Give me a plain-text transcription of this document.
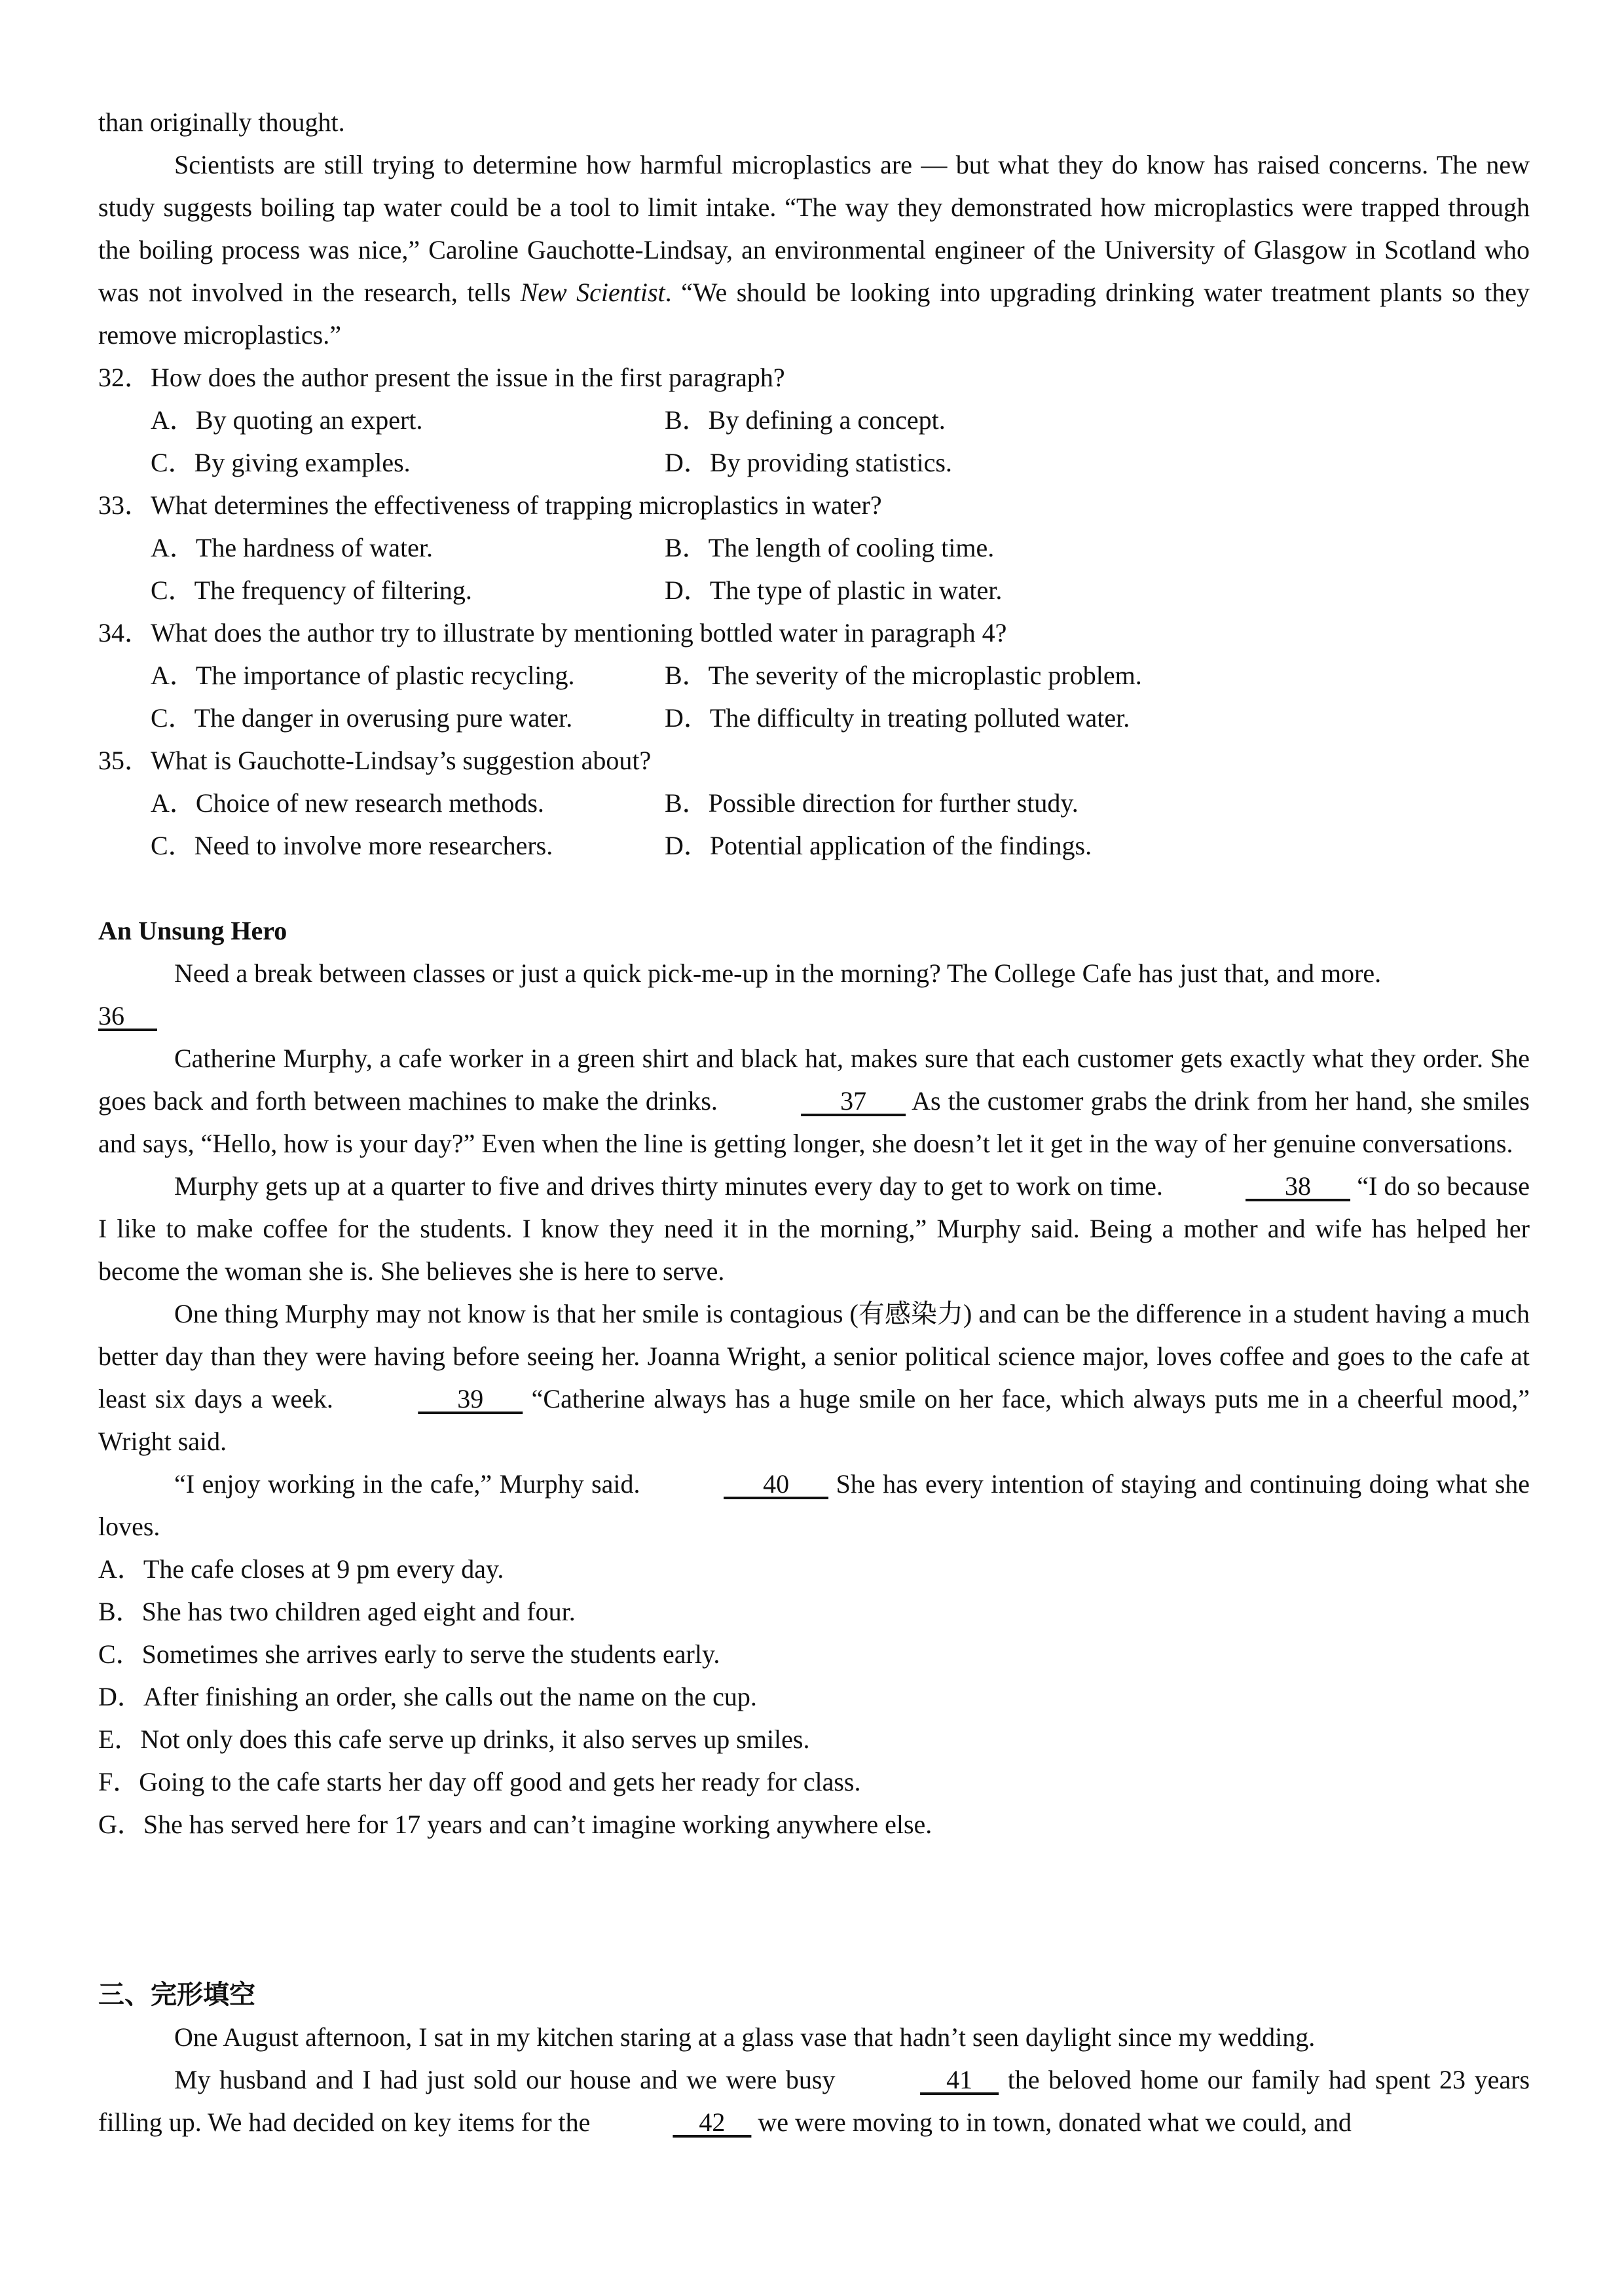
than originally thought.

Scientists are still trying to determine how harmful microplastics are — but what they do know has raised concerns. The new study suggests boiling tap water could be a tool to limit intake. “The way they demonstrated how microplastics were trapped through the boiling process was nice,” Caroline Gauchotte-Lindsay, an environmental engineer of the University of Glasgow in Scotland who was not involved in the research, tells New Scientist. “We should be looking into upgrading drinking water treatment plants so they remove microplastics.”

32．How does the author present the issue in the first paragraph?

A．By quoting an expert.	B．By defining a concept.
C．By giving examples.	D．By providing statistics.

33．What determines the effectiveness of trapping microplastics in water?

A．The hardness of water.	B．The length of cooling time.
C．The frequency of filtering.	D．The type of plastic in water.

34．What does the author try to illustrate by mentioning bottled water in paragraph 4?

A．The importance of plastic recycling.	B．The severity of the microplastic problem.
C．The danger in overusing pure water.	D．The difficulty in treating polluted water.

35．What is Gauchotte-Lindsay’s suggestion about?

A．Choice of new research methods.	B．Possible direction for further study.
C．Need to involve more researchers.	D．Potential application of the findings.

An Unsung Hero

Need a break between classes or just a quick pick-me-up in the morning? The College Cafe has just that, and more.
36

Catherine Murphy, a cafe worker in a green shirt and black hat, makes sure that each customer gets exactly what they order. She goes back and forth between machines to make the drinks.	37       As the customer grabs the drink from her hand, she smiles and says, “Hello, how is your day?” Even when the line is getting longer, she doesn’t let it get in the way of her genuine conversations.

Murphy gets up at a quarter to five and drives thirty minutes every day to get to work on time.	38       “I do so because I like to make coffee for the students. I know they need it in the morning,” Murphy said. Being a mother and wife has helped her become the woman she is. She believes she is here to serve.

One thing Murphy may not know is that her smile is contagious (有感染力) and can be the difference in a student having a much better day than they were having before seeing her. Joanna Wright, a senior political science major, loves coffee and goes to the cafe at least six days a week.	39       “Catherine always has a huge smile on her face, which always puts me in a cheerful mood,” Wright said.

“I enjoy working in the cafe,” Murphy said.	40       She has every intention of staying and continuing doing what she loves.

A．The cafe closes at 9 pm every day.
B．She has two children aged eight and four.
C．Sometimes she arrives early to serve the students early.
D．After finishing an order, she calls out the name on the cup.
E．Not only does this cafe serve up drinks, it also serves up smiles.
F．Going to the cafe starts her day off good and gets her ready for class.
G．She has served here for 17 years and can’t imagine working anywhere else.

三、完形填空

One August afternoon, I sat in my kitchen staring at a glass vase that hadn’t seen daylight since my wedding.

My husband and I had just sold our house and we were busy	41     the beloved home our family had spent 23 years filling up. We had decided on key items for the	42     we were moving to in town, donated what we could, and
